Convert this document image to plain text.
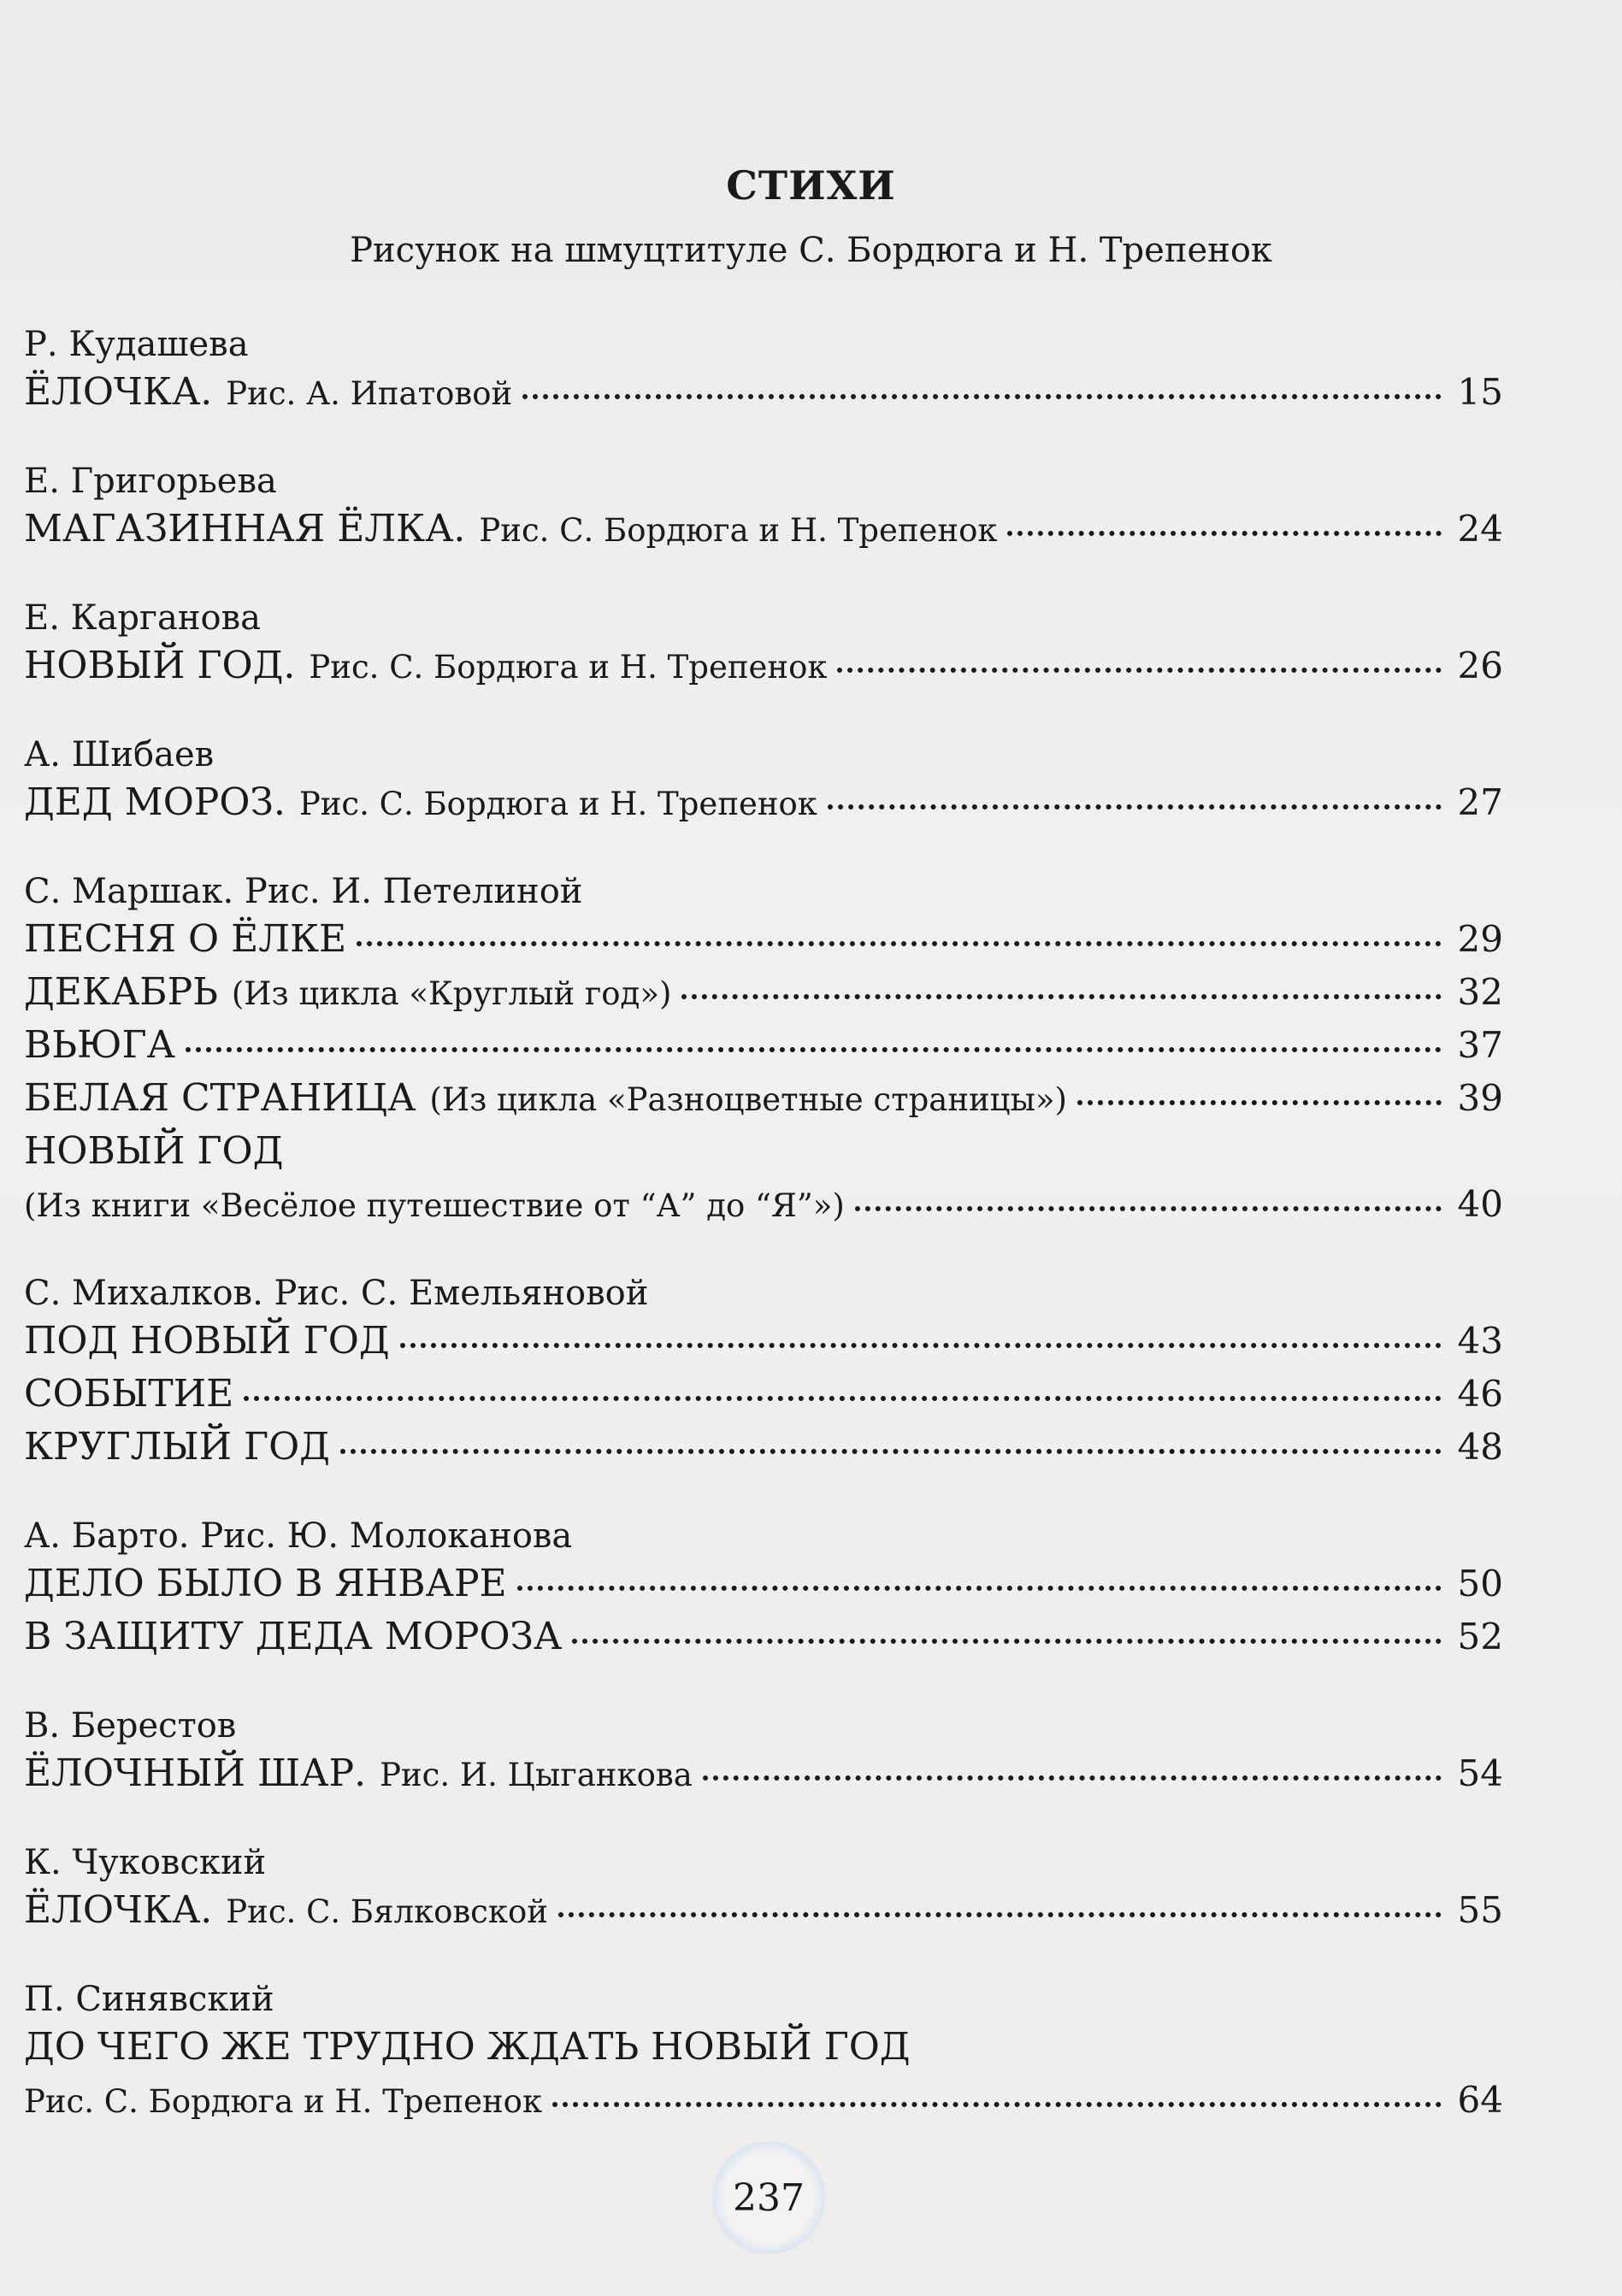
СТИХИ
Рисунок на шмуцтитуле С. Бордюга и Н. Трепенок
Р. Кудашева
ЁЛОЧКА. Рис. А. Ипатовой	15
Е. Григорьева
МАГАЗИННАЯ ЁЛКА. Рис. С. Бордюга и Н. Трепенок	24
Е. Карганова
НОВЫЙ ГОД. Рис. С. Бордюга и Н. Трепенок	26
А. Шибаев
ДЕД МОРОЗ. Рис. С. Бордюга и Н. Трепенок	27
С. Маршак. Рис. И. Петелиной
ПЕСНЯ О ЁЛКЕ	29
ДЕКАБРЬ (Из цикла «Круглый год»)	32
ВЬЮГА	37
БЕЛАЯ СТРАНИЦА (Из цикла «Разноцветные страницы»)	39
НОВЫЙ ГОД
(Из книги «Весёлое путешествие от “А” до “Я”»)	40
С. Михалков. Рис. С. Емельяновой
ПОД НОВЫЙ ГОД	43
СОБЫТИЕ	46
КРУГЛЫЙ ГОД	48
А. Барто. Рис. Ю. Молоканова
ДЕЛО БЫЛО В ЯНВАРЕ	50
В ЗАЩИТУ ДЕДА МОРОЗА	52
В. Берестов
ЁЛОЧНЫЙ ШАР. Рис. И. Цыганкова	54
К. Чуковский
ЁЛОЧКА. Рис. С. Бялковской	55
П. Синявский
ДО ЧЕГО ЖЕ ТРУДНО ЖДАТЬ НОВЫЙ ГОД
Рис. С. Бордюга и Н. Трепенок	64
237
